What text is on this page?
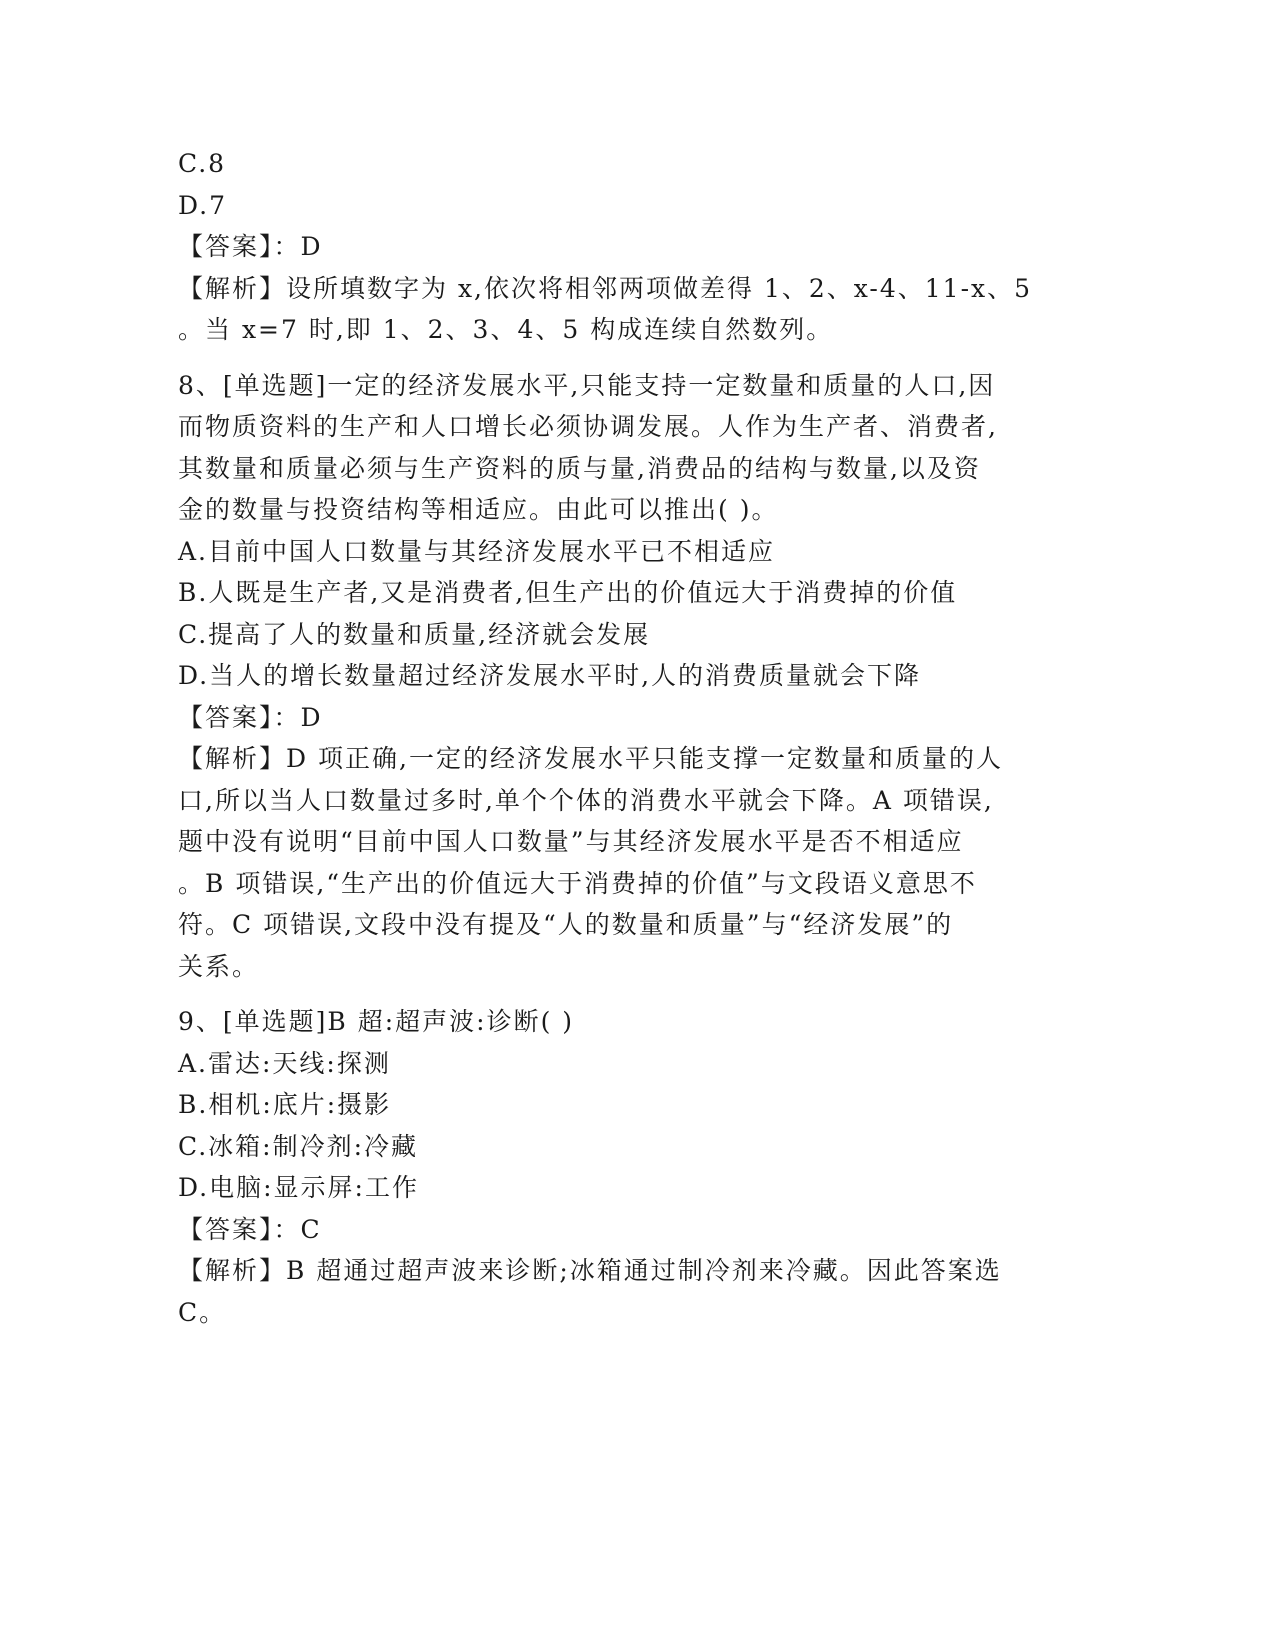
C.8
D.7
【答案】：D
【解析】设所填数字为 x,依次将相邻两项做差得 1、2、x-4、11-x、5
。当 x=7 时,即 1、2、3、4、5 构成连续自然数列。
8、[单选题]一定的经济发展水平,只能支持一定数量和质量的人口,因
而物质资料的生产和人口增长必须协调发展。人作为生产者、消费者,
其数量和质量必须与生产资料的质与量,消费品的结构与数量,以及资
金的数量与投资结构等相适应。由此可以推出( )。
A.目前中国人口数量与其经济发展水平已不相适应
B.人既是生产者,又是消费者,但生产出的价值远大于消费掉的价值
C.提高了人的数量和质量,经济就会发展
D.当人的增长数量超过经济发展水平时,人的消费质量就会下降
【答案】：D
【解析】D 项正确,一定的经济发展水平只能支撑一定数量和质量的人
口,所以当人口数量过多时,单个个体的消费水平就会下降。A 项错误,
题中没有说明“目前中国人口数量”与其经济发展水平是否不相适应
。B 项错误,“生产出的价值远大于消费掉的价值”与文段语义意思不
符。C 项错误,文段中没有提及“人的数量和质量”与“经济发展”的
关系。
9、[单选题]B 超:超声波:诊断( )
A.雷达:天线:探测
B.相机:底片:摄影
C.冰箱:制冷剂:冷藏
D.电脑:显示屏:工作
【答案】：C
【解析】B 超通过超声波来诊断;冰箱通过制冷剂来冷藏。因此答案选
C。
